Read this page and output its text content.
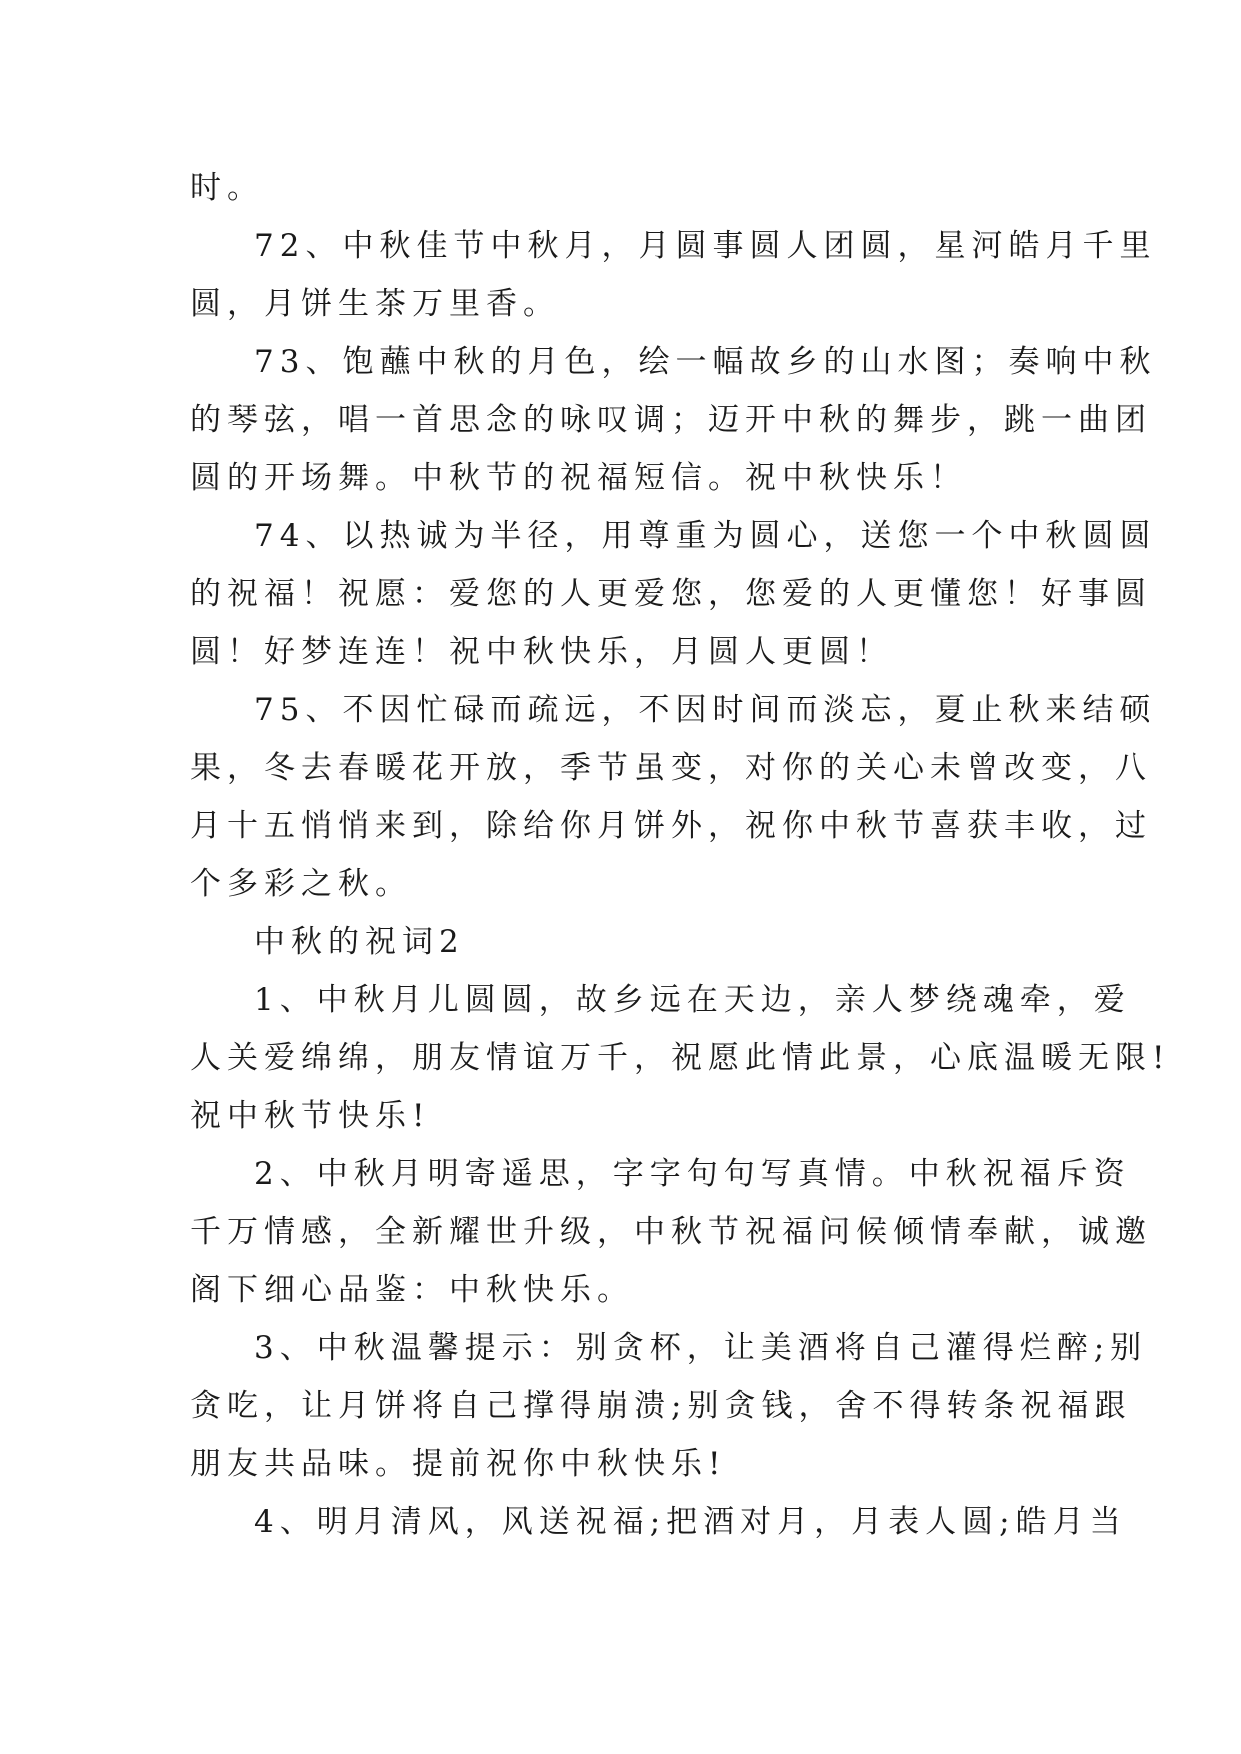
时。
72、中秋佳节中秋月，月圆事圆人团圆，星河皓月千里
圆，月饼生茶万里香。
73、饱蘸中秋的月色，绘一幅故乡的山水图；奏响中秋
的琴弦，唱一首思念的咏叹调；迈开中秋的舞步，跳一曲团
圆的开场舞。中秋节的祝福短信。祝中秋快乐！
74、以热诚为半径，用尊重为圆心，送您一个中秋圆圆
的祝福！祝愿：爱您的人更爱您，您爱的人更懂您！好事圆
圆！好梦连连！祝中秋快乐，月圆人更圆！
75、不因忙碌而疏远，不因时间而淡忘，夏止秋来结硕
果，冬去春暖花开放，季节虽变，对你的关心未曾改变，八
月十五悄悄来到，除给你月饼外，祝你中秋节喜获丰收，过
个多彩之秋。
中秋的祝词2
1、中秋月儿圆圆，故乡远在天边，亲人梦绕魂牵，爱
人关爱绵绵，朋友情谊万千，祝愿此情此景，心底温暖无限!
祝中秋节快乐!
2、中秋月明寄遥思，字字句句写真情。中秋祝福斥资
千万情感，全新耀世升级，中秋节祝福问候倾情奉献，诚邀
阁下细心品鉴：中秋快乐。
3、中秋温馨提示：别贪杯，让美酒将自己灌得烂醉;别
贪吃，让月饼将自己撑得崩溃;别贪钱，舍不得转条祝福跟
朋友共品味。提前祝你中秋快乐!
4、明月清风，风送祝福;把酒对月，月表人圆;皓月当
